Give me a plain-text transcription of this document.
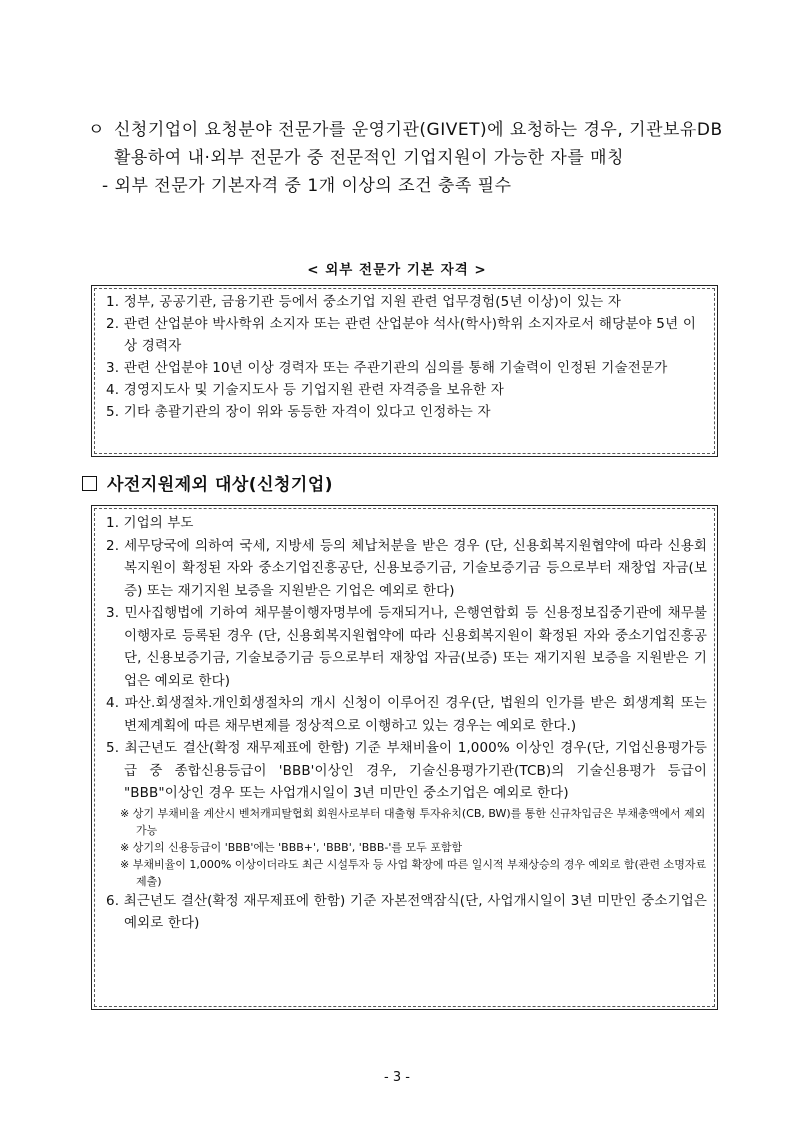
ㅇ 신청기업이 요청분야 전문가를 운영기관(GIVET)에 요청하는 경우, 기관보유DB 활용하여 내·외부 전문가 중 전문적인 기업지원이 가능한 자를 매칭
- 외부 전문가 기본자격 중 1개 이상의 조건 충족 필수
< 외부 전문가 기본 자격 >
1. 정부, 공공기관, 금융기관 등에서 중소기업 지원 관련 업무경험(5년 이상)이 있는 자
2. 관련 산업분야 박사학위 소지자 또는 관련 산업분야 석사(학사)학위 소지자로서 해당분야 5년 이상 경력자
3. 관련 산업분야 10년 이상 경력자 또는 주관기관의 심의를 통해 기술력이 인정된 기술전문가
4. 경영지도사 및 기술지도사 등 기업지원 관련 자격증을 보유한 자
5. 기타 총괄기관의 장이 위와 동등한 자격이 있다고 인정하는 자
사전지원제외 대상(신청기업)
1. 기업의 부도
2. 세무당국에 의하여 국세, 지방세 등의 체납처분을 받은 경우 (단, 신용회복지원협약에 따라 신용회복지원이 확정된 자와 중소기업진흥공단, 신용보증기금, 기술보증기금 등으로부터 재창업 자금(보증) 또는 재기지원 보증을 지원받은 기업은 예외로 한다)
3. 민사집행법에 기하여 채무불이행자명부에 등재되거나, 은행연합회 등 신용정보집중기관에 채무불이행자로 등록된 경우 (단, 신용회복지원협약에 따라 신용회복지원이 확정된 자와 중소기업진흥공단, 신용보증기금, 기술보증기금 등으로부터 재창업 자금(보증) 또는 재기지원 보증을 지원받은 기업은 예외로 한다)
4. 파산.회생절차.개인회생절차의 개시 신청이 이루어진 경우(단, 법원의 인가를 받은 회생계획 또는 변제계획에 따른 채무변제를 정상적으로 이행하고 있는 경우는 예외로 한다.)
5. 최근년도 결산(확정 재무제표에 한함) 기준 부채비율이 1,000% 이상인 경우(단, 기업신용평가등급 중 종합신용등급이 'BBB'이상인 경우, 기술신용평가기관(TCB)의 기술신용평가 등급이 "BBB"이상인 경우 또는 사업개시일이 3년 미만인 중소기업은 예외로 한다)
※ 상기 부채비율 계산시 벤처캐피탈협회 회원사로부터 대출형 투자유치(CB, BW)를 통한 신규차입금은 부채총액에서 제외 가능
※ 상기의 신용등급이 'BBB'에는 'BBB+', 'BBB', 'BBB-'를 모두 포함함
※ 부채비율이 1,000% 이상이더라도 최근 시설투자 등 사업 확장에 따른 일시적 부채상승의 경우 예외로 함(관련 소명자료 제출)
6. 최근년도 결산(확정 재무제표에 한함) 기준 자본전액잠식(단, 사업개시일이 3년 미만인 중소기업은 예외로 한다)
- 3 -
